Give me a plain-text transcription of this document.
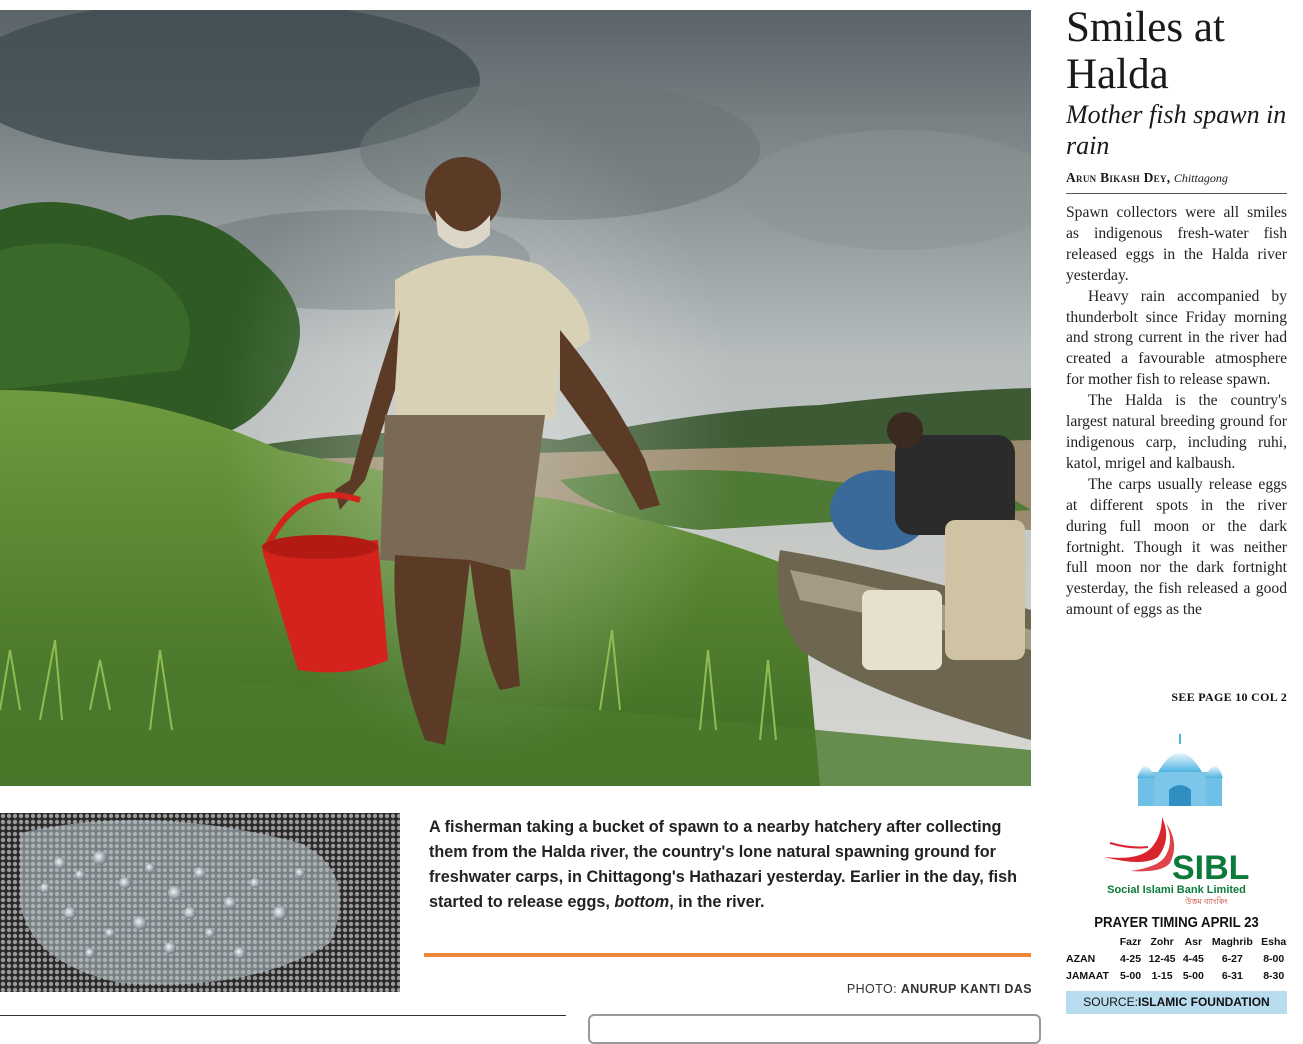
A fisherman taking a bucket of spawn to a nearby hatchery after collecting them from the Halda river, the country's lone natural spawning ground for freshwater carps, in Chittagong's Hathazari yesterday. Earlier in the day, fish started to release eggs, bottom, in the river.
PHOTO: ANURUP KANTI DAS
Smiles at Halda
Mother fish spawn in rain
Arun Bikash Dey, Chittagong

Spawn collectors were all smiles as indigenous fresh-water fish released eggs in the Halda river yesterday.

Heavy rain accompanied by thunderbolt since Friday morning and strong current in the river had created a favourable atmosphere for mother fish to release spawn.

The Halda is the country's largest natural breeding ground for indigenous carp, including ruhi, katol, mrigel and kalbaush.

The carps usually release eggs at different spots in the river during full moon or the dark fortnight. Though it was neither full moon nor the dark fortnight yesterday, the fish released a good amount of eggs as the

SEE PAGE 10 COL 2
SIBL
Social Islami Bank Limited
উত্তম ব্যাংকিং
PRAYER TIMING APRIL 23
	Fazr	Zohr	Asr	Maghrib	Esha
AZAN	4-25	12-45	4-45	6-27	8-00
JAMAAT	5-00	1-15	5-00	6-31	8-30
SOURCE:ISLAMIC FOUNDATION
